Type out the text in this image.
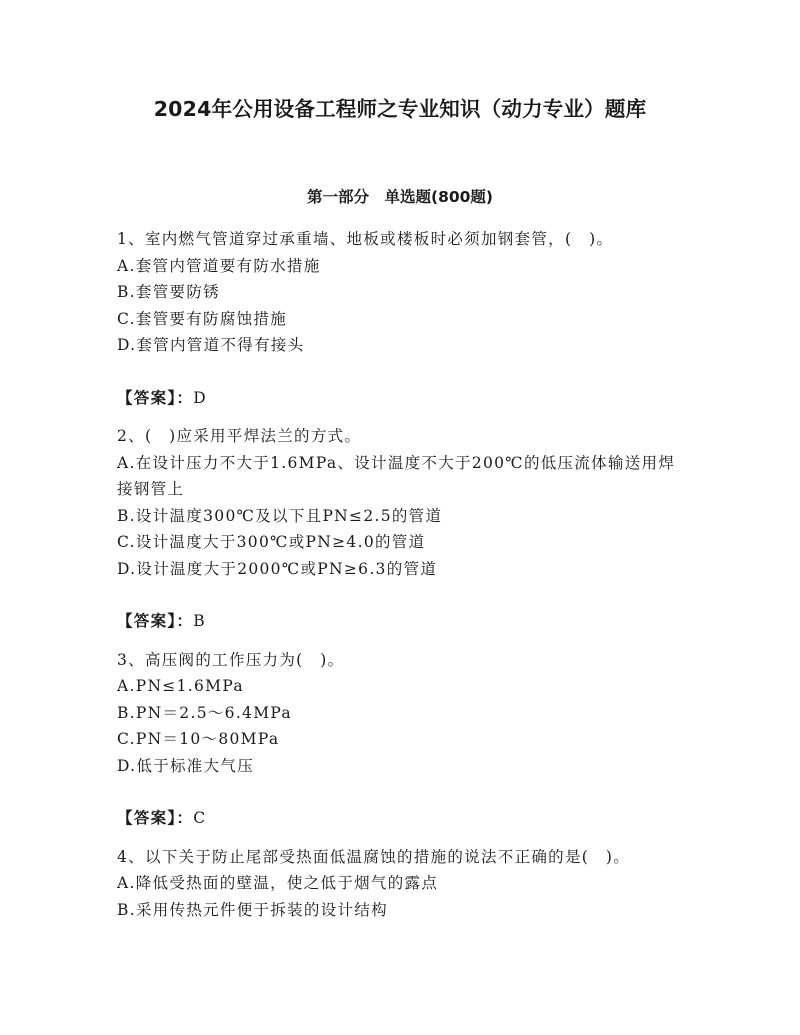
2024年公用设备工程师之专业知识（动力专业）题库
第一部分　单选题(800题)
1、室内燃气管道穿过承重墙、地板或楼板时必须加钢套管，(　)。
A.套管内管道要有防水措施
B.套管要防锈
C.套管要有防腐蚀措施
D.套管内管道不得有接头
【答案】：D
2、(　)应采用平焊法兰的方式。
A.在设计压力不大于1.6MPa、设计温度不大于200℃的低压流体输送用焊接钢管上
B.设计温度300℃及以下且PN≤2.5的管道
C.设计温度大于300℃或PN≥4.0的管道
D.设计温度大于2000℃或PN≥6.3的管道
【答案】：B
3、高压阀的工作压力为(　)。
A.PN≤1.6MPa
B.PN＝2.5～6.4MPa
C.PN＝10～80MPa
D.低于标准大气压
【答案】：C
4、以下关于防止尾部受热面低温腐蚀的措施的说法不正确的是(　)。
A.降低受热面的壁温，使之低于烟气的露点
B.采用传热元件便于拆装的设计结构
